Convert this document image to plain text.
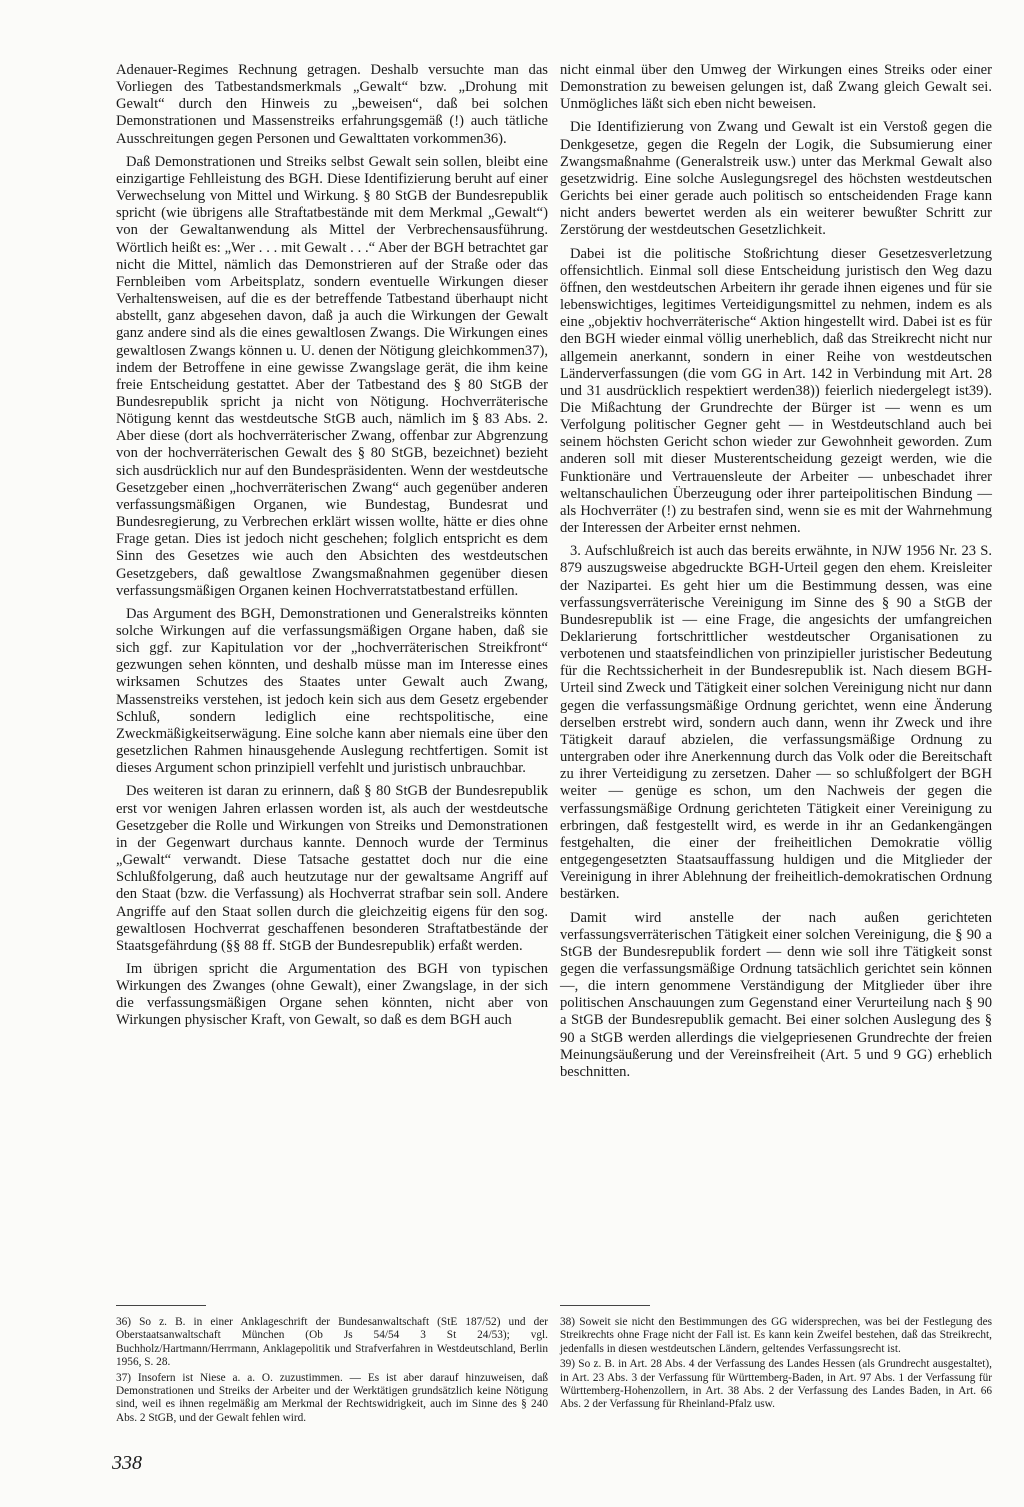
Adenauer-Regimes Rechnung getragen. Deshalb versuchte man das Vorliegen des Tatbestandsmerkmals „Gewalt“ bzw. „Drohung mit Gewalt“ durch den Hinweis zu „beweisen“, daß bei solchen Demonstrationen und Massenstreiks erfahrungsgemäß (!) auch tätliche Ausschreitungen gegen Personen und Gewalttaten vorkommen36).

Daß Demonstrationen und Streiks selbst Gewalt sein sollen, bleibt eine einzigartige Fehlleistung des BGH. Diese Identifizierung beruht auf einer Verwechselung von Mittel und Wirkung. § 80 StGB der Bundesrepublik spricht (wie übrigens alle Straftatbestände mit dem Merkmal „Gewalt“) von der Gewaltanwendung als Mittel der Verbrechensausführung. Wörtlich heißt es: „Wer . . . mit Gewalt . . .“ Aber der BGH betrachtet gar nicht die Mittel, nämlich das Demonstrieren auf der Straße oder das Fernbleiben vom Arbeitsplatz, sondern eventuelle Wirkungen dieser Verhaltensweisen, auf die es der betreffende Tatbestand überhaupt nicht abstellt, ganz abgesehen davon, daß ja auch die Wirkungen der Gewalt ganz andere sind als die eines gewaltlosen Zwangs. Die Wirkungen eines gewaltlosen Zwangs können u. U. denen der Nötigung gleichkommen37), indem der Betroffene in eine gewisse Zwangslage gerät, die ihm keine freie Entscheidung gestattet. Aber der Tatbestand des § 80 StGB der Bundesrepublik spricht ja nicht von Nötigung. Hochverräterische Nötigung kennt das westdeutsche StGB auch, nämlich im § 83 Abs. 2. Aber diese (dort als hochverräterischer Zwang, offenbar zur Abgrenzung von der hochverräterischen Gewalt des § 80 StGB, bezeichnet) bezieht sich ausdrücklich nur auf den Bundespräsidenten. Wenn der westdeutsche Gesetzgeber einen „hochverräterischen Zwang“ auch gegenüber anderen verfassungsmäßigen Organen, wie Bundestag, Bundesrat und Bundesregierung, zu Verbrechen erklärt wissen wollte, hätte er dies ohne Frage getan. Dies ist jedoch nicht geschehen; folglich entspricht es dem Sinn des Gesetzes wie auch den Absichten des westdeutschen Gesetzgebers, daß gewaltlose Zwangsmaßnahmen gegenüber diesen verfassungsmäßigen Organen keinen Hochverratstatbestand erfüllen.

Das Argument des BGH, Demonstrationen und Generalstreiks könnten solche Wirkungen auf die verfassungsmäßigen Organe haben, daß sie sich ggf. zur Kapitulation vor der „hochverräterischen Streikfront“ gezwungen sehen könnten, und deshalb müsse man im Interesse eines wirksamen Schutzes des Staates unter Gewalt auch Zwang, Massenstreiks verstehen, ist jedoch kein sich aus dem Gesetz ergebender Schluß, sondern lediglich eine rechtspolitische, eine Zweckmäßigkeitserwägung. Eine solche kann aber niemals eine über den gesetzlichen Rahmen hinausgehende Auslegung rechtfertigen. Somit ist dieses Argument schon prinzipiell verfehlt und juristisch unbrauchbar.

Des weiteren ist daran zu erinnern, daß § 80 StGB der Bundesrepublik erst vor wenigen Jahren erlassen worden ist, als auch der westdeutsche Gesetzgeber die Rolle und Wirkungen von Streiks und Demonstrationen in der Gegenwart durchaus kannte. Dennoch wurde der Terminus „Gewalt“ verwandt. Diese Tatsache gestattet doch nur die eine Schlußfolgerung, daß auch heutzutage nur der gewaltsame Angriff auf den Staat (bzw. die Verfassung) als Hochverrat strafbar sein soll. Andere Angriffe auf den Staat sollen durch die gleichzeitig eigens für den sog. gewaltlosen Hochverrat geschaffenen besonderen Straftatbestände der Staatsgefährdung (§§ 88 ff. StGB der Bundesrepublik) erfaßt werden.

Im übrigen spricht die Argumentation des BGH von typischen Wirkungen des Zwanges (ohne Gewalt), einer Zwangslage, in der sich die verfassungsmäßigen Organe sehen könnten, nicht aber von Wirkungen physischer Kraft, von Gewalt, so daß es dem BGH auch

nicht einmal über den Umweg der Wirkungen eines Streiks oder einer Demonstration zu beweisen gelungen ist, daß Zwang gleich Gewalt sei. Unmögliches läßt sich eben nicht beweisen.

Die Identifizierung von Zwang und Gewalt ist ein Verstoß gegen die Denkgesetze, gegen die Regeln der Logik, die Subsumierung einer Zwangsmaßnahme (Generalstreik usw.) unter das Merkmal Gewalt also gesetzwidrig. Eine solche Auslegungsregel des höchsten westdeutschen Gerichts bei einer gerade auch politisch so entscheidenden Frage kann nicht anders bewertet werden als ein weiterer bewußter Schritt zur Zerstörung der westdeutschen Gesetzlichkeit.

Dabei ist die politische Stoßrichtung dieser Gesetzesverletzung offensichtlich. Einmal soll diese Entscheidung juristisch den Weg dazu öffnen, den westdeutschen Arbeitern ihr gerade ihnen eigenes und für sie lebenswichtiges, legitimes Verteidigungsmittel zu nehmen, indem es als eine „objektiv hochverräterische“ Aktion hingestellt wird. Dabei ist es für den BGH wieder einmal völlig unerheblich, daß das Streikrecht nicht nur allgemein anerkannt, sondern in einer Reihe von westdeutschen Länderverfassungen (die vom GG in Art. 142 in Verbindung mit Art. 28 und 31 ausdrücklich respektiert werden38)) feierlich niedergelegt ist39). Die Mißachtung der Grundrechte der Bürger ist — wenn es um Verfolgung politischer Gegner geht — in Westdeutschland auch bei seinem höchsten Gericht schon wieder zur Gewohnheit geworden. Zum anderen soll mit dieser Musterentscheidung gezeigt werden, wie die Funktionäre und Vertrauensleute der Arbeiter — unbeschadet ihrer weltanschaulichen Überzeugung oder ihrer parteipolitischen Bindung — als Hochverräter (!) zu bestrafen sind, wenn sie es mit der Wahrnehmung der Interessen der Arbeiter ernst nehmen.

3. Aufschlußreich ist auch das bereits erwähnte, in NJW 1956 Nr. 23 S. 879 auszugsweise abgedruckte BGH-Urteil gegen den ehem. Kreisleiter der Nazipartei. Es geht hier um die Bestimmung dessen, was eine verfassungsverräterische Vereinigung im Sinne des § 90 a StGB der Bundesrepublik ist — eine Frage, die angesichts der umfangreichen Deklarierung fortschrittlicher westdeutscher Organisationen zu verbotenen und staatsfeindlichen von prinzipieller juristischer Bedeutung für die Rechtssicherheit in der Bundesrepublik ist. Nach diesem BGH-Urteil sind Zweck und Tätigkeit einer solchen Vereinigung nicht nur dann gegen die verfassungsmäßige Ordnung gerichtet, wenn eine Änderung derselben erstrebt wird, sondern auch dann, wenn ihr Zweck und ihre Tätigkeit darauf abzielen, die verfassungsmäßige Ordnung zu untergraben oder ihre Anerkennung durch das Volk oder die Bereitschaft zu ihrer Verteidigung zu zersetzen. Daher — so schlußfolgert der BGH weiter — genüge es schon, um den Nachweis der gegen die verfassungsmäßige Ordnung gerichteten Tätigkeit einer Vereinigung zu erbringen, daß festgestellt wird, es werde in ihr an Gedankengängen festgehalten, die einer der freiheitlichen Demokratie völlig entgegengesetzten Staatsauffassung huldigen und die Mitglieder der Vereinigung in ihrer Ablehnung der freiheitlich-demokratischen Ordnung bestärken.

Damit wird anstelle der nach außen gerichteten verfassungsverräterischen Tätigkeit einer solchen Vereinigung, die § 90 a StGB der Bundesrepublik fordert — denn wie soll ihre Tätigkeit sonst gegen die verfassungsmäßige Ordnung tatsächlich gerichtet sein können —, die intern genommene Verständigung der Mitglieder über ihre politischen Anschauungen zum Gegenstand einer Verurteilung nach § 90 a StGB der Bundesrepublik gemacht. Bei einer solchen Auslegung des § 90 a StGB werden allerdings die vielgepriesenen Grundrechte der freien Meinungsäußerung und der Vereinsfreiheit (Art. 5 und 9 GG) erheblich beschnitten.

36) So z. B. in einer Anklageschrift der Bundesanwaltschaft (StE 187/52) und der Oberstaatsanwaltschaft München (Ob Js 54/54 3 St 24/53); vgl. Buchholz/Hartmann/Herrmann, Anklagepolitik und Strafverfahren in Westdeutschland, Berlin 1956, S. 28.

37) Insofern ist Niese a. a. O. zuzustimmen. — Es ist aber darauf hinzuweisen, daß Demonstrationen und Streiks der Arbeiter und der Werktätigen grundsätzlich keine Nötigung sind, weil es ihnen regelmäßig am Merkmal der Rechtswidrigkeit, auch im Sinne des § 240 Abs. 2 StGB, und der Gewalt fehlen wird.

38) Soweit sie nicht den Bestimmungen des GG widersprechen, was bei der Festlegung des Streikrechts ohne Frage nicht der Fall ist. Es kann kein Zweifel bestehen, daß das Streikrecht, jedenfalls in diesen westdeutschen Ländern, geltendes Verfassungsrecht ist.

39) So z. B. in Art. 28 Abs. 4 der Verfassung des Landes Hessen (als Grundrecht ausgestaltet), in Art. 23 Abs. 3 der Verfassung für Württemberg-Baden, in Art. 97 Abs. 1 der Verfassung für Württemberg-Hohenzollern, in Art. 38 Abs. 2 der Verfassung des Landes Baden, in Art. 66 Abs. 2 der Verfassung für Rheinland-Pfalz usw.

338
